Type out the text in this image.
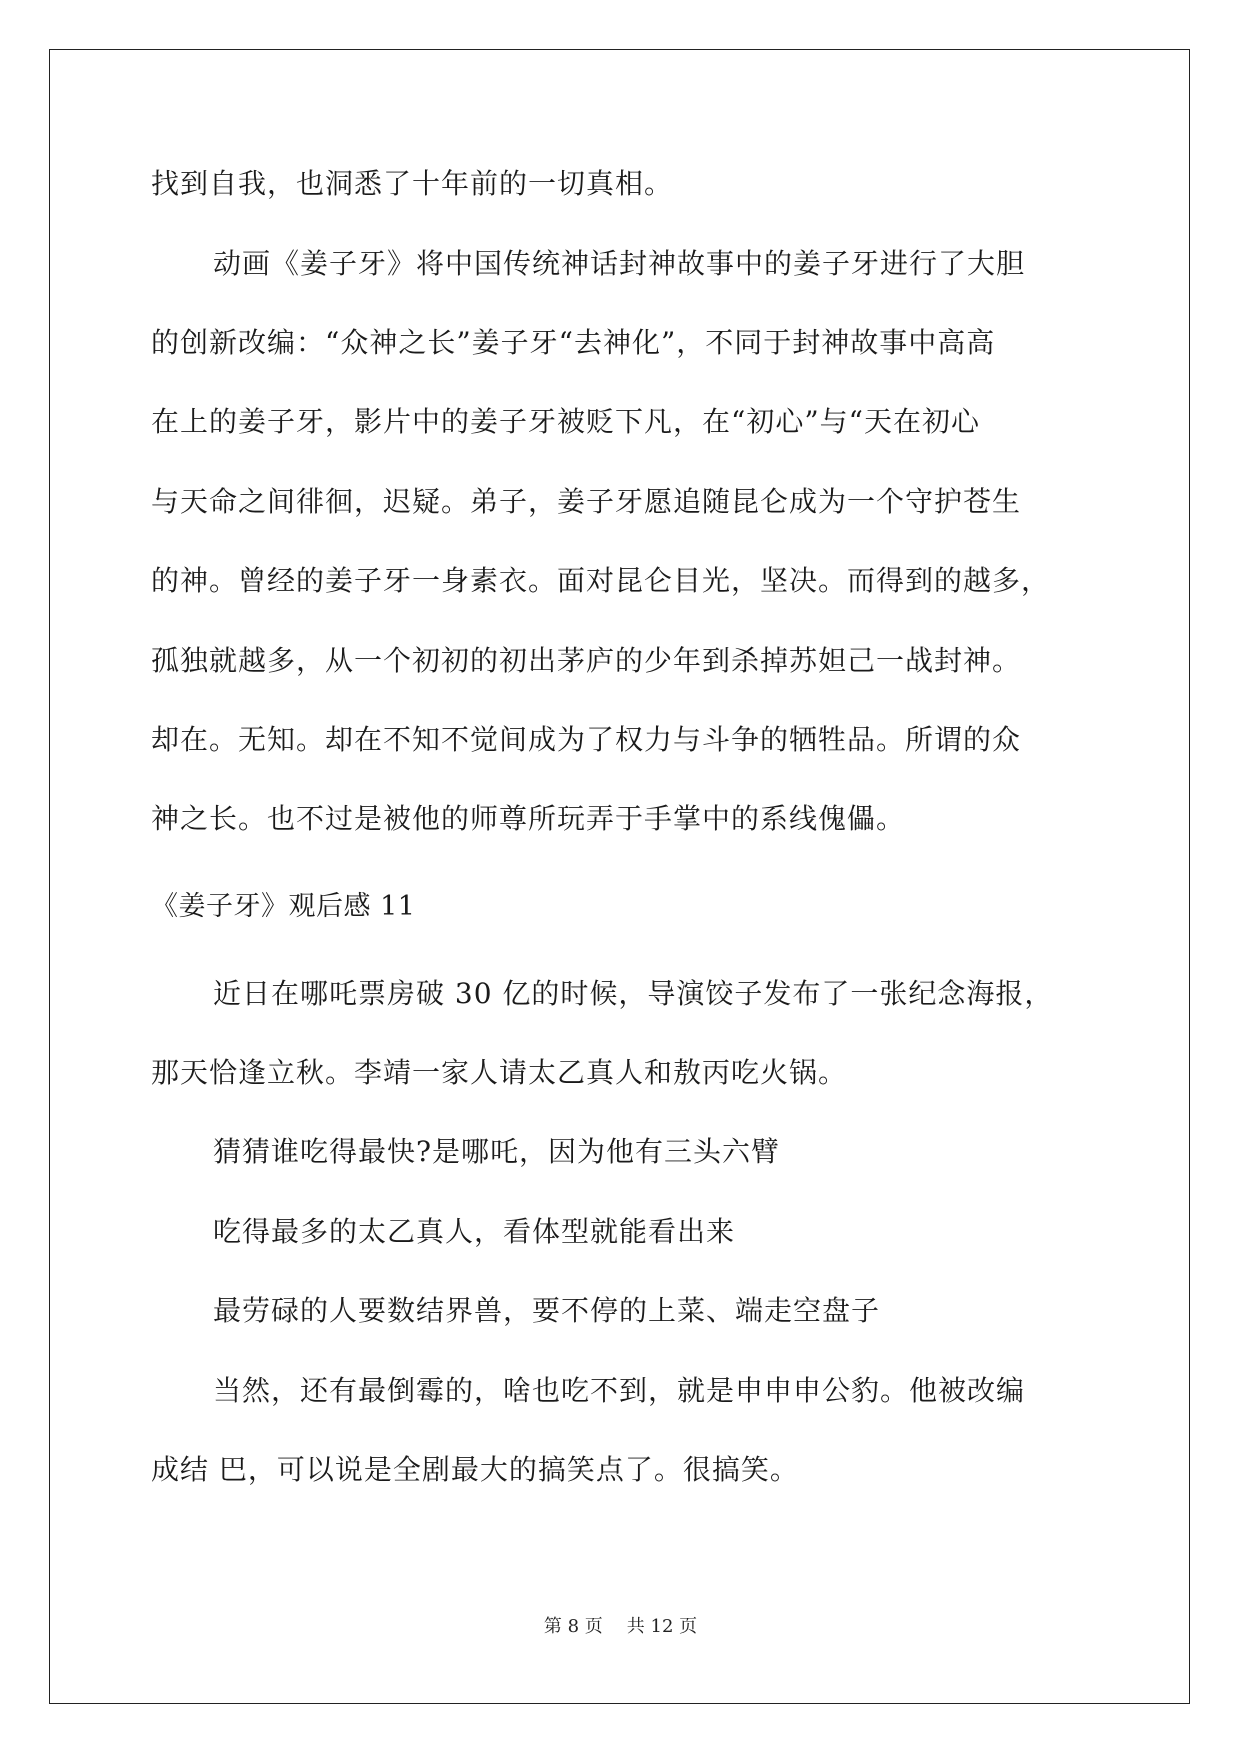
找到自我，也洞悉了十年前的一切真相。
动画《姜子牙》将中国传统神话封神故事中的姜子牙进行了大胆
的创新改编：“众神之长”姜子牙“去神化”，不同于封神故事中高高
在上的姜子牙，影片中的姜子牙被贬下凡，在“初心”与“天在初心
与天命之间徘徊，迟疑。弟子，姜子牙愿追随昆仑成为一个守护苍生
的神。曾经的姜子牙一身素衣。面对昆仑目光，坚决。而得到的越多，
孤独就越多，从一个初初的初出茅庐的少年到杀掉苏妲己一战封神。
却在。无知。却在不知不觉间成为了权力与斗争的牺牲品。所谓的众
神之长。也不过是被他的师尊所玩弄于手掌中的系线傀儡。
《姜子牙》观后感 11
近日在哪吒票房破 30 亿的时候，导演饺子发布了一张纪念海报，
那天恰逢立秋。李靖一家人请太乙真人和敖丙吃火锅。
猜猜谁吃得最快?是哪吒，因为他有三头六臂
吃得最多的太乙真人，看体型就能看出来
最劳碌的人要数结界兽，要不停的上菜、端走空盘子
当然，还有最倒霉的，啥也吃不到，就是申申申公豹。他被改编
成结 巴，可以说是全剧最大的搞笑点了。很搞笑。
第 8 页 共 12 页
